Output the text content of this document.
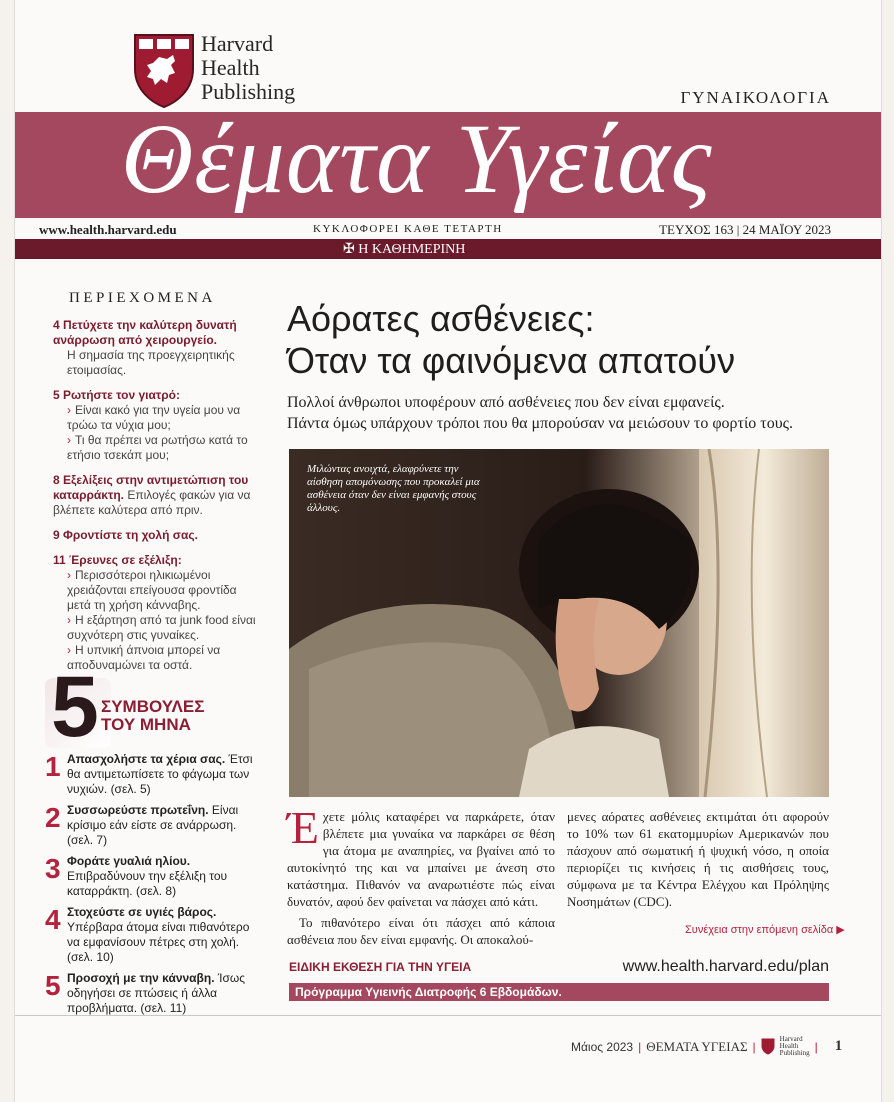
Harvard
Health
Publishing	ΓΥΝΑΙΚΟΛΟΓΙΑ
Θέματα Υγείας
www.health.harvard.edu	ΚΥΚΛΟΦΟΡΕΙ ΚΑΘΕ ΤΕΤΑΡΤΗ	ΤΕΥΧΟΣ 163 | 24 ΜΑΪΟΥ 2023
✠ Η ΚΑΘΗΜΕΡΙΝΗ
ΠΕΡΙΕΧΟΜΕΝΑ
4 Πετύχετε την καλύτερη δυνατή ανάρρωση από χειρουργείο.
Η σημασία της προεγχειρητικής ετοιμασίας.
5 Ρωτήστε τον γιατρό:
› Είναι κακό για την υγεία μου να τρώω τα νύχια μου;
› Τι θα πρέπει να ρωτήσω κατά το ετήσιο τσεκάπ μου;
8 Εξελίξεις στην αντιμετώπιση του καταρράκτη. Επιλογές φακών για να βλέπετε καλύτερα από πριν.
9 Φροντίστε τη χολή σας.
11 Έρευνες σε εξέλιξη:
› Περισσότεροι ηλικιωμένοι χρειάζονται επείγουσα φροντίδα μετά τη χρήση κάνναβης.
› Η εξάρτηση από τα junk food είναι συχνότερη στις γυναίκες.
› Η υπνική άπνοια μπορεί να αποδυναμώνει τα οστά.
5 ΣΥΜΒΟΥΛΕΣ
ΤΟΥ ΜΗΝΑ
1 Απασχολήστε τα χέρια σας. Έτσι θα αντιμετωπίσετε το φάγωμα των νυχιών. (σελ. 5)
2 Συσσωρεύστε πρωτεΐνη. Είναι κρίσιμο εάν είστε σε ανάρρωση. (σελ. 7)
3 Φοράτε γυαλιά ηλίου. Επιβραδύνουν την εξέλιξη του καταρράκτη. (σελ. 8)
4 Στοχεύστε σε υγιές βάρος. Υπέρβαρα άτομα είναι πιθανότερο να εμφανίσουν πέτρες στη χολή. (σελ. 10)
5 Προσοχή με την κάνναβη. Ίσως οδηγήσει σε πτώσεις ή άλλα προβλήματα. (σελ. 11)
Αόρατες ασθένειες:
Όταν τα φαινόμενα απατούν
Πολλοί άνθρωποι υποφέρουν από ασθένειες που δεν είναι εμφανείς.
Πάντα όμως υπάρχουν τρόποι που θα μπορούσαν να μειώσουν το φορτίο τους.
Μιλώντας ανοιχτά, ελαφρύνετε την αίσθηση απομόνωσης που προκαλεί μια ασθένεια όταν δεν είναι εμφανής στους άλλους.
Έχετε μόλις καταφέρει να παρκάρετε, όταν βλέπετε μια γυναίκα να παρκάρει σε θέση για άτομα με αναπηρίες, να βγαίνει από το αυτοκίνητό της και να μπαίνει με άνεση στο κατάστημα. Πιθανόν να αναρωτιέστε πώς είναι δυνατόν, αφού δεν φαίνεται να πάσχει από κάτι.
Το πιθανότερο είναι ότι πάσχει από κάποια ασθένεια που δεν είναι εμφανής. Οι αποκαλού-
μενες αόρατες ασθένειες εκτιμάται ότι αφορούν το 10% των 61 εκατομμυρίων Αμερικανών που πάσχουν από σωματική ή ψυχική νόσο, η οποία περιορίζει τις κινήσεις ή τις αισθήσεις τους, σύμφωνα με τα Κέντρα Ελέγχου και Πρόληψης Νοσημάτων (CDC).
Συνέχεια στην επόμενη σελίδα ▶
ΕΙΔΙΚΗ ΕΚΘΕΣΗ ΓΙΑ ΤΗΝ ΥΓΕΙΑ	www.health.harvard.edu/plan
Πρόγραμμα Υγιεινής Διατροφής 6 Εβδομάδων.
Μάιος 2023 | ΘΕΜΑΤΑ ΥΓΕΙΑΣ |
Harvard
Health
Publishing | 1
